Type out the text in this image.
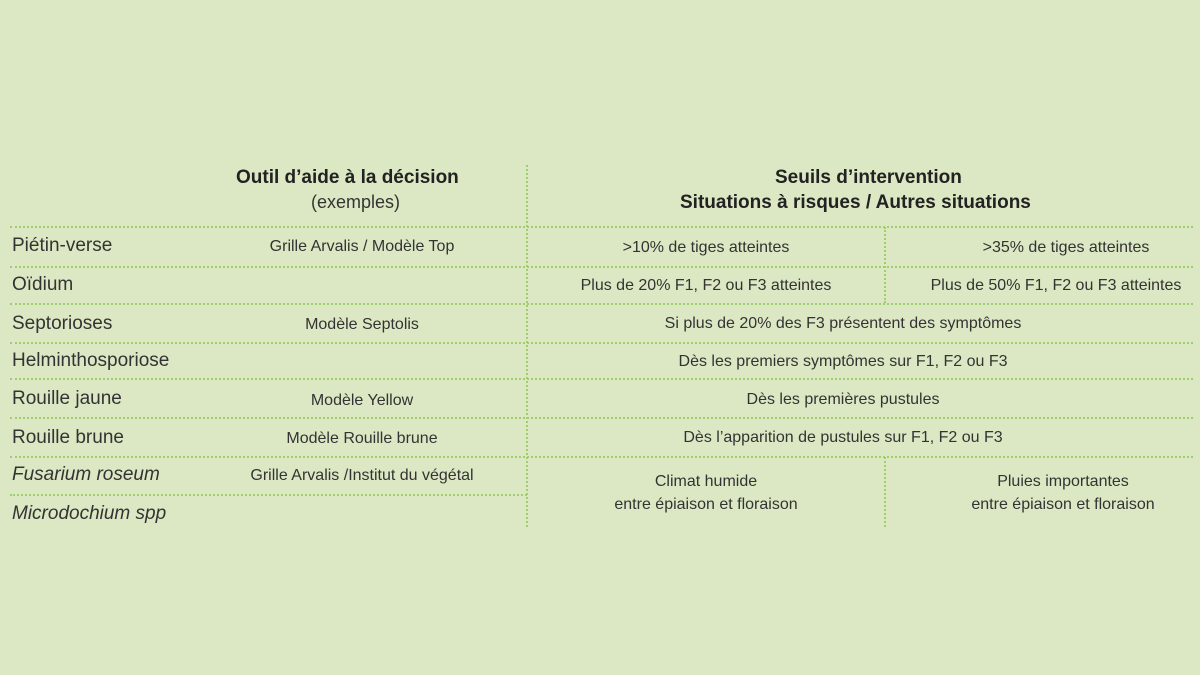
Outil d’aide à la décision
(exemples)
Seuils d’intervention
Situations à risques / Autres situations
Piétin-verse
Oïdium
Septorioses
Helminthosporiose
Rouille jaune
Rouille brune
Fusarium roseum
Microdochium spp
Grille Arvalis / Modèle Top
Modèle Septolis
Modèle Yellow
Modèle Rouille brune
Grille Arvalis /Institut du végétal
>10% de tiges atteintes	>35% de tiges atteintes
Plus de 20% F1, F2 ou F3 atteintes	Plus de 50% F1, F2 ou F3 atteintes
Si plus de 20% des F3 présentent des symptômes
Dès les premiers symptômes sur F1, F2 ou F3
Dès les premières pustules
Dès l’apparition de pustules sur F1, F2 ou F3
Climat humide
entre épiaison et floraison
Pluies importantes
entre épiaison et floraison
